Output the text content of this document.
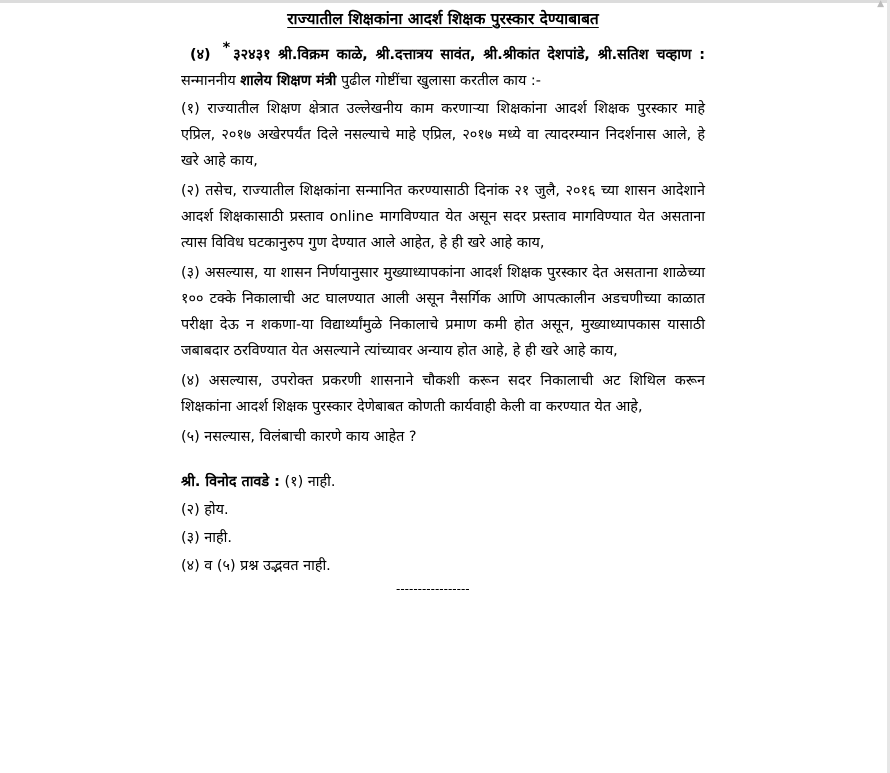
▲
राज्यातील शिक्षकांना आदर्श शिक्षक पुरस्कार देण्याबाबत

(४) * ३२४३१ श्री.विक्रम काळे, श्री.दत्तात्रय सावंत, श्री.श्रीकांत देशपांडे, श्री.सतिश चव्हाण : सन्माननीय शालेय शिक्षण मंत्री पुढील गोष्टींचा खुलासा करतील काय :-

(१) राज्यातील शिक्षण क्षेत्रात उल्लेखनीय काम करणाऱ्या शिक्षकांना आदर्श शिक्षक पुरस्कार माहे एप्रिल, २०१७ अखेरपर्यंत दिले नसल्याचे माहे एप्रिल, २०१७ मध्ये वा त्यादरम्यान निदर्शनास आले, हे खरे आहे काय,

(२) तसेच, राज्यातील शिक्षकांना सन्मानित करण्यासाठी दिनांक २१ जुलै, २०१६ च्या शासन आदेशाने आदर्श शिक्षकासाठी प्रस्ताव online मागविण्यात येत असून सदर प्रस्ताव मागविण्यात येत असताना त्यास विविध घटकानुरुप गुण देण्यात आले आहेत, हे ही खरे आहे काय,

(३) असल्यास, या शासन निर्णयानुसार मुख्याध्यापकांना आदर्श शिक्षक पुरस्कार देत असताना शाळेच्या १०० टक्के निकालाची अट घालण्यात आली असून नैसर्गिक आणि आपत्कालीन अडचणीच्या काळात परीक्षा देऊ न शकणा-या विद्यार्थ्यांमुळे निकालाचे प्रमाण कमी होत असून, मुख्याध्यापकास यासाठी जबाबदार ठरविण्यात येत असल्याने त्यांच्यावर अन्याय होत आहे, हे ही खरे आहे काय,

(४) असल्यास, उपरोक्त प्रकरणी शासनाने चौकशी करून सदर निकालाची अट शिथिल करून शिक्षकांना आदर्श शिक्षक पुरस्कार देणेबाबत कोणती कार्यवाही केली वा करण्यात येत आहे,

(५) नसल्यास, विलंबाची कारणे काय आहेत ?

श्री. विनोद तावडे : (१) नाही.

(२) होय.

(३) नाही.

(४) व (५) प्रश्न उद्भवत नाही.

-----------------
